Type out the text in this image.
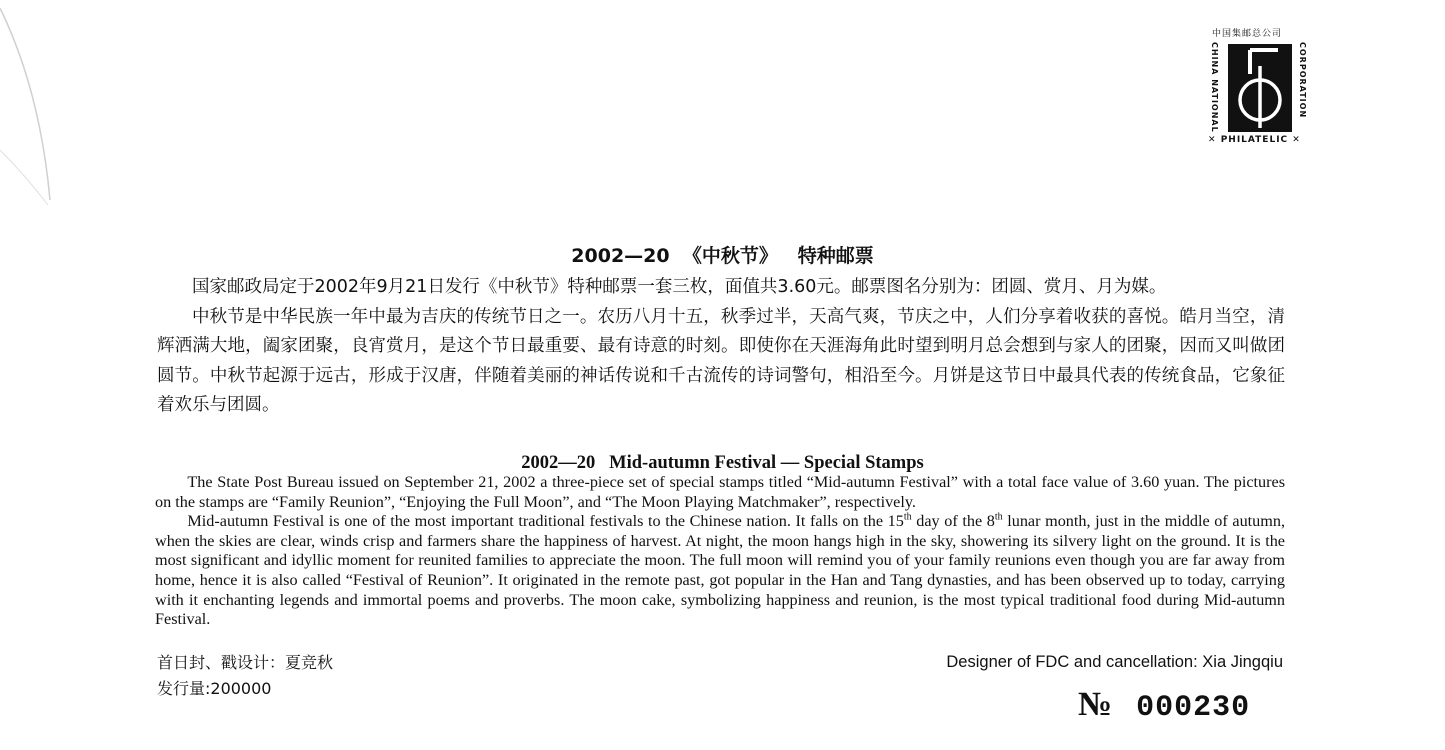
中国集邮总公司
CHINA NATIONAL	CORPORATION
✕ PHILATELIC ✕
2002—20  《中秋节》   特种邮票

国家邮政局定于2002年9月21日发行《中秋节》特种邮票一套三枚，面值共3.60元。邮票图名分别为：团圆、赏月、月为媒。

中秋节是中华民族一年中最为吉庆的传统节日之一。农历八月十五，秋季过半，天高气爽，节庆之中，人们分享着收获的喜悦。皓月当空，清辉洒满大地，阖家团聚，良宵赏月，是这个节日最重要、最有诗意的时刻。即使你在天涯海角此时望到明月总会想到与家人的团聚，因而又叫做团圆节。中秋节起源于远古，形成于汉唐，伴随着美丽的神话传说和千古流传的诗词警句，相沿至今。月饼是这节日中最具代表的传统食品，它象征着欢乐与团圆。

2002—20   Mid-autumn Festival — Special Stamps

The State Post Bureau issued on September 21, 2002 a three-piece set of special stamps titled “Mid-autumn Festival” with a total face value of 3.60 yuan. The pictures on the stamps are “Family Reunion”, “Enjoying the Full Moon”, and “The Moon Playing Matchmaker”, respectively.

Mid-autumn Festival is one of the most important traditional festivals to the Chinese nation. It falls on the 15th day of the 8th lunar month, just in the middle of autumn, when the skies are clear, winds crisp and farmers share the happiness of harvest. At night, the moon hangs high in the sky, showering its silvery light on the ground. It is the most significant and idyllic moment for reunited families to appreciate the moon. The full moon will remind you of your family reunions even though you are far away from home, hence it is also called “Festival of Reunion”. It originated in the remote past, got popular in the Han and Tang dynasties, and has been observed up to today, carrying with it enchanting legends and immortal poems and proverbs. The moon cake, symbolizing happiness and reunion, is the most typical traditional food during Mid-autumn Festival.

首日封、戳设计：夏竞秋
发行量:200000
Designer of FDC and cancellation: Xia Jingqiu
№ 000230
